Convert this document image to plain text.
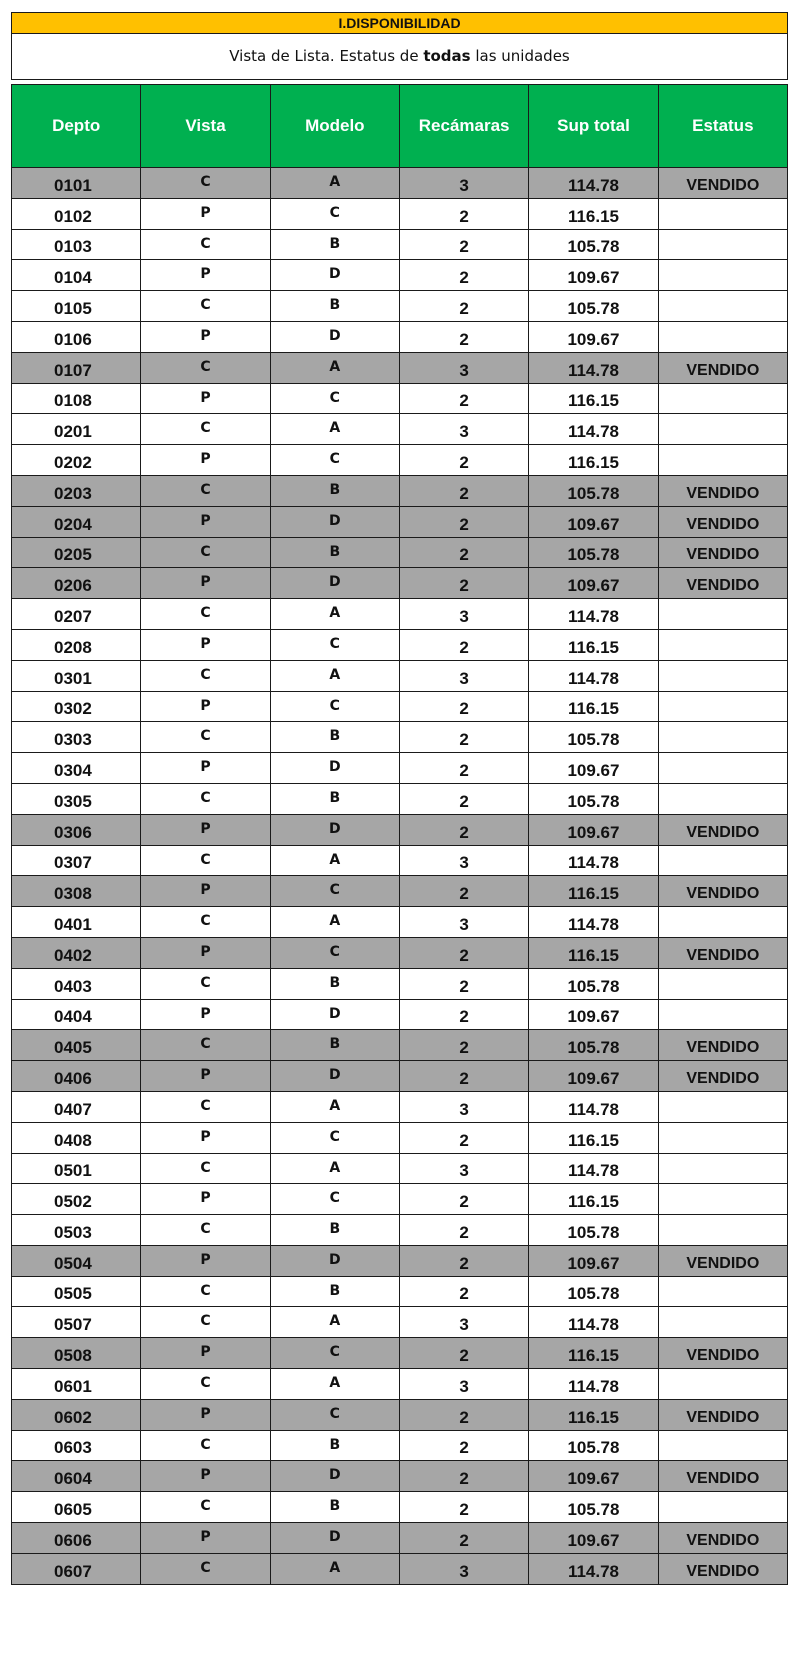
I.DISPONIBILIDAD
Vista de Lista. Estatus de todas las unidades
Depto	Vista	Modelo	Recámaras	Sup total	Estatus
0101	C	A	3	114.78	VENDIDO
0102	P	C	2	116.15	
0103	C	B	2	105.78	
0104	P	D	2	109.67	
0105	C	B	2	105.78	
0106	P	D	2	109.67	
0107	C	A	3	114.78	VENDIDO
0108	P	C	2	116.15	
0201	C	A	3	114.78	
0202	P	C	2	116.15	
0203	C	B	2	105.78	VENDIDO
0204	P	D	2	109.67	VENDIDO
0205	C	B	2	105.78	VENDIDO
0206	P	D	2	109.67	VENDIDO
0207	C	A	3	114.78	
0208	P	C	2	116.15	
0301	C	A	3	114.78	
0302	P	C	2	116.15	
0303	C	B	2	105.78	
0304	P	D	2	109.67	
0305	C	B	2	105.78	
0306	P	D	2	109.67	VENDIDO
0307	C	A	3	114.78	
0308	P	C	2	116.15	VENDIDO
0401	C	A	3	114.78	
0402	P	C	2	116.15	VENDIDO
0403	C	B	2	105.78	
0404	P	D	2	109.67	
0405	C	B	2	105.78	VENDIDO
0406	P	D	2	109.67	VENDIDO
0407	C	A	3	114.78	
0408	P	C	2	116.15	
0501	C	A	3	114.78	
0502	P	C	2	116.15	
0503	C	B	2	105.78	
0504	P	D	2	109.67	VENDIDO
0505	C	B	2	105.78	
0507	C	A	3	114.78	
0508	P	C	2	116.15	VENDIDO
0601	C	A	3	114.78	
0602	P	C	2	116.15	VENDIDO
0603	C	B	2	105.78	
0604	P	D	2	109.67	VENDIDO
0605	C	B	2	105.78	
0606	P	D	2	109.67	VENDIDO
0607	C	A	3	114.78	VENDIDO
